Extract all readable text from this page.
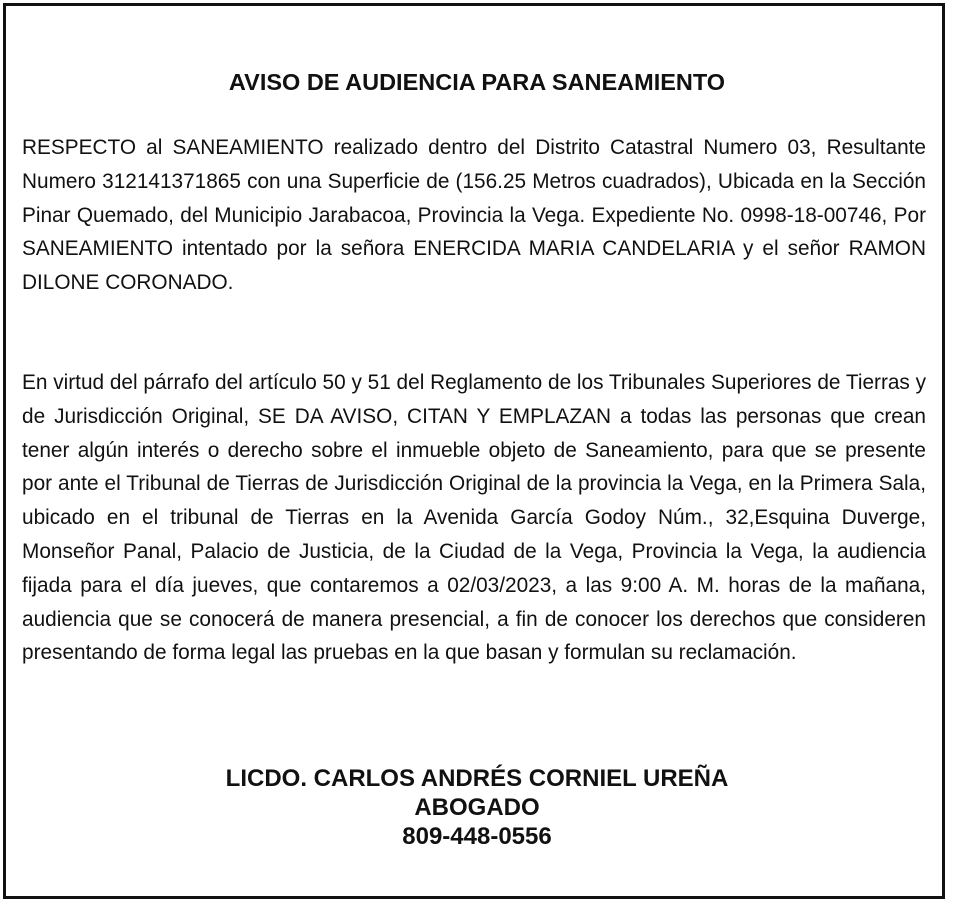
AVISO DE AUDIENCIA PARA SANEAMIENTO

RESPECTO al SANEAMIENTO realizado dentro del Distrito Catastral Numero 03, Resultante Numero 312141371865 con una Superficie de (156.25 Metros cuadrados), Ubicada en la Sección Pinar Quemado, del Municipio Jarabacoa, Provincia la Vega. Expediente No. 0998-18-00746, Por SANEAMIENTO intentado por la señora ENERCIDA MARIA CANDELARIA y el señor RAMON DILONE CORONADO.

En virtud del párrafo del artículo 50 y 51 del Reglamento de los Tribunales Superiores de Tierras y de Jurisdicción Original, SE DA AVISO, CITAN Y EMPLAZAN a todas las personas que crean tener algún interés o derecho sobre el inmueble objeto de Saneamiento, para que se presente por ante el Tribunal de Tierras de Jurisdicción Original de la provincia la Vega, en la Primera Sala, ubicado en el tribunal de Tierras en la Avenida García Godoy Núm., 32,Esquina Duverge, Monseñor Panal, Palacio de Justicia, de la Ciudad de la Vega, Provincia la Vega, la audiencia fijada para el día jueves, que contaremos a 02/03/2023, a las 9:00 A. M. horas de la mañana, audiencia que se conocerá de manera presencial, a fin de conocer los derechos que consideren presentando de forma legal las pruebas en la que basan y formulan su reclamación.

LICDO. CARLOS ANDRÉS CORNIEL UREÑA
ABOGADO
809-448-0556
